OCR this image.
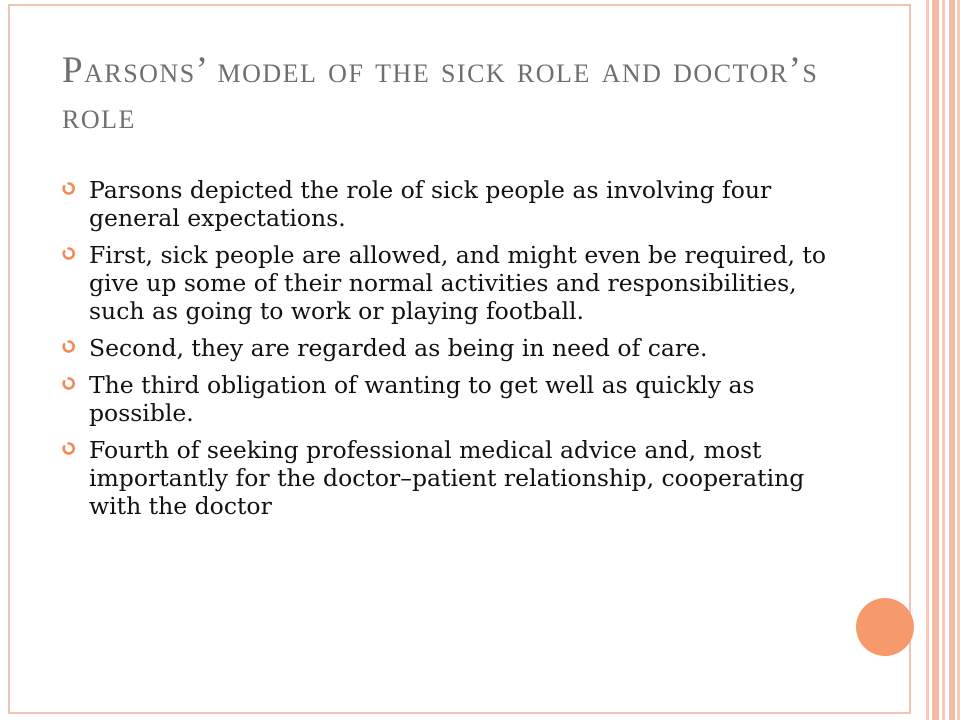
Parsons’ model of the sick role and doctor’s role
Parsons depicted the role of sick people as involving four general expectations.
First, sick people are allowed, and might even be required, to give up some of their normal activities and responsibilities, such as going to work or playing football.
Second, they are regarded as being in need of care.
The third obligation of wanting to get well as quickly as possible.
Fourth of seeking professional medical advice and, most importantly for the doctor–patient relationship, cooperating with the doctor
